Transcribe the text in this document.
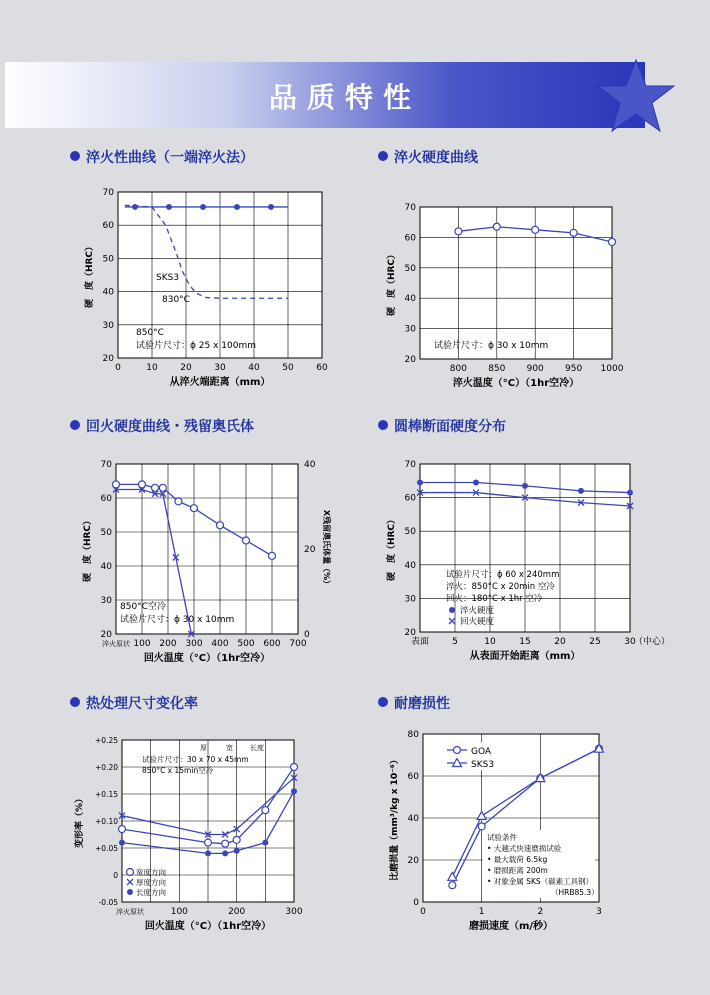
品质特性
淬火性曲线（一端淬火法）	淬火硬度曲线
回火硬度曲线・残留奥氏体	圆棒断面硬度分布
热处理尺寸变化率	耐磨损性
20
30
40
50
60
70
0	10	20	30	40	50	60
从淬火端距离（mm）
硬　度（HRC）	SKS3
830°C
850°C
试验片尺寸：ϕ 25 x 100mm
20
30
40
50
60
70
800 850 900 950 1000
淬火温度（°C）（1hr空冷）
硬　度（HRC）
试验片尺寸：ϕ 30 x 10mm
20
30
40
50
60
70
淬火原状 100 200 300 400 500 600 700
回火温度（°C）（1hr空冷）
硬　度（HRC）
0
20
40
X残留奥氏体量（%）
850°C空冷
试验片尺寸：ϕ 30 x 10mm
20
30
40
50
60
70
表面	5	10	15	20	25	30
从表面开始距离（mm）
硬　度（HRC）
（中心）
试验片尺寸：ϕ 60 x 240mm
淬火：850°C x 20min 空冷
回火：180°C x 1hr 空冷
淬火硬度
回火硬度
-0.05
0
+0.05
+0.10
+0.15
+0.20
+0.25
淬火原状	100	200	300
回火温度（°C）（1hr空冷）
变形率（%）
厚	宽 长度
试验片尺寸：30 x 70 x 45mm
850°C x 15min空冷
宽度方向
厚度方向
长度方向
0
20
40
60
80
0	1	2	3
磨损速度（m/秒）
比磨损量（mm³/kg x 10⁻⁶）
GOA
SKS3
试验条件
• 大越式快速磨损试验
• 最大载荷 6.5kg
• 磨损距离 200m
• 对象金属 SKS（碳素工具钢）
（HRB85.3）
